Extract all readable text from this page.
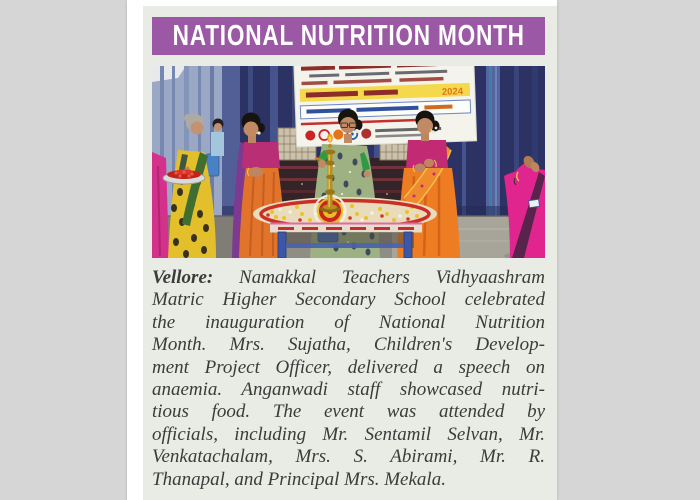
NATIONAL NUTRITION MONTH
2024
Vellore: Namakkal Teachers Vidhyaashram
Matric Higher Secondary School celebrated
the inauguration of National Nutrition
Month. Mrs. Sujatha, Children's Develop-
ment Project Officer, delivered a speech on
anaemia. Anganwadi staff showcased nutri-
tious food. The event was attended by
officials, including Mr. Sentamil Selvan, Mr.
Venkatachalam, Mrs. S. Abirami, Mr. R.
Thanapal, and Principal Mrs. Mekala.
